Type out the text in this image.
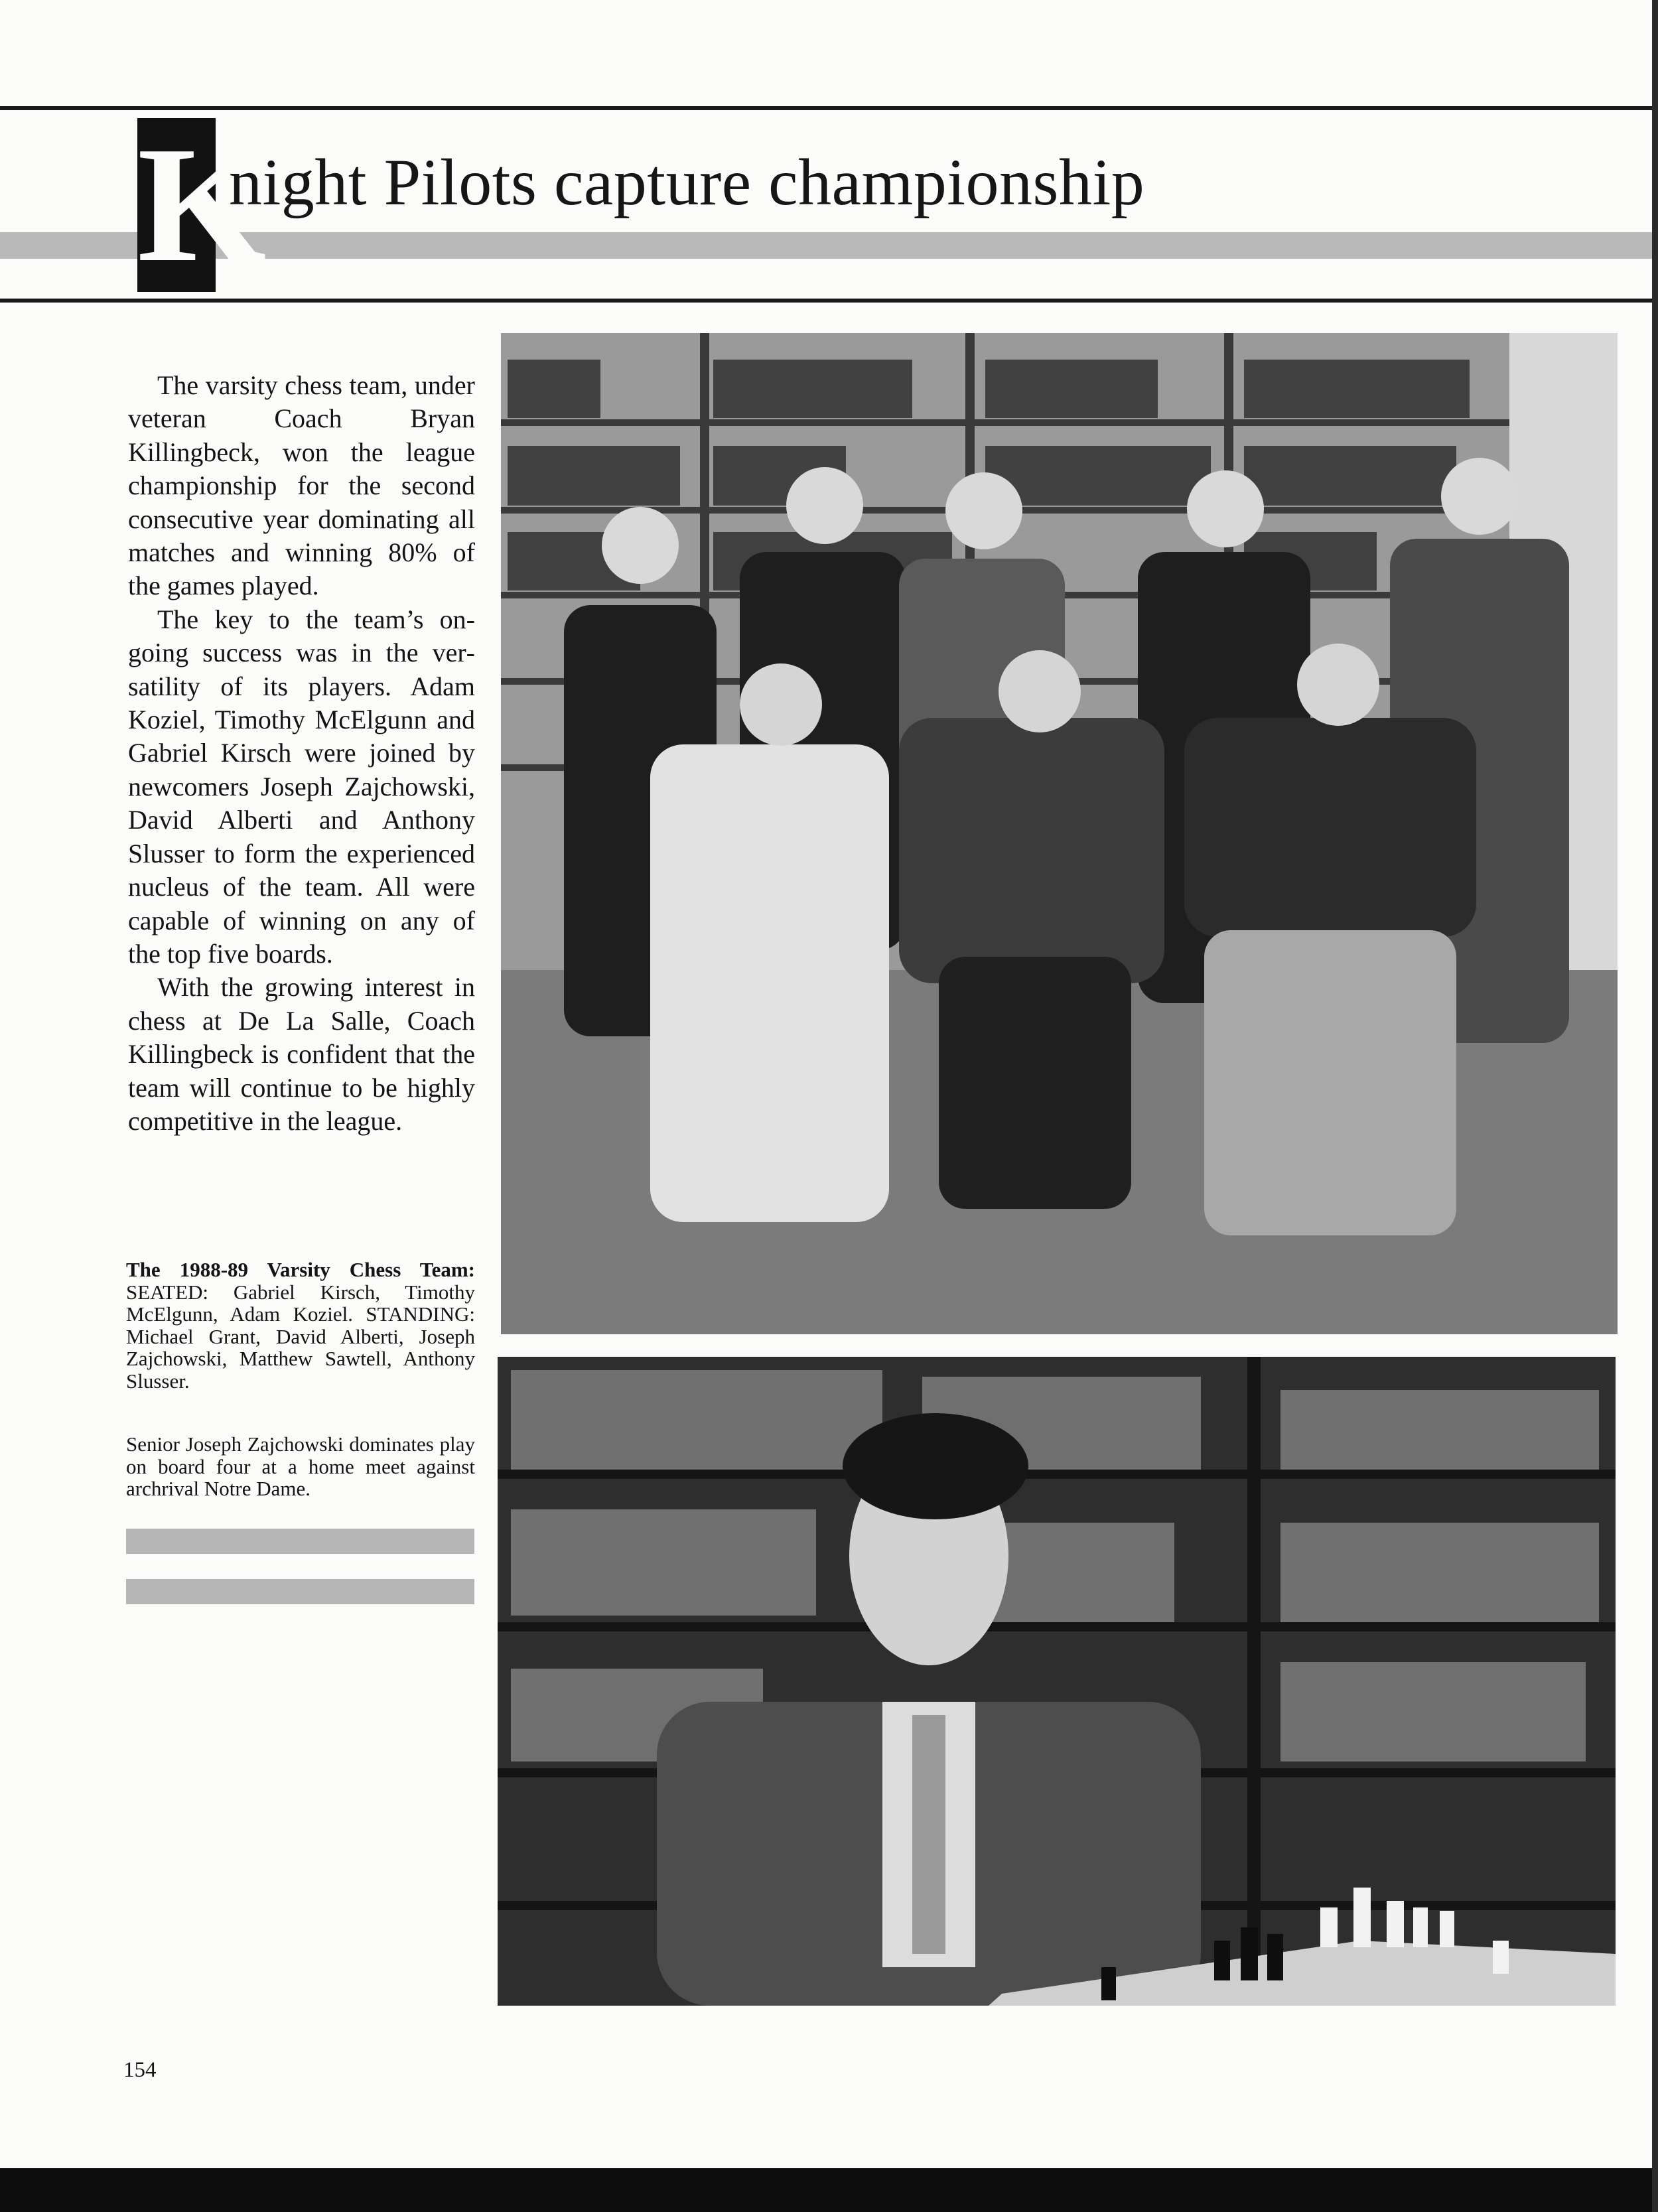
K
night Pilots capture championship

The varsity chess team, under veteran Coach Bryan Killingbeck, won the league championship for the second consecutive year dominating all matches and winning 80% of the games played.

The key to the team’s ongoing success was in the versatility of its players. Adam Koziel, Timothy McElgunn and Gabriel Kirsch were joined by newcomers Joseph Zajchowski, David Alberti and Anthony Slusser to form the experienced nucleus of the team. All were capable of winning on any of the top five boards.

With the growing interest in chess at De La Salle, Coach Killingbeck is confident that the team will continue to be highly competitive in the league.

The 1988-89 Varsity Chess Team: SEATED: Gabriel Kirsch, Timothy McElgunn, Adam Koziel. STANDING: Michael Grant, David Alberti, Joseph Zajchowski, Matthew Sawtell, Anthony Slusser.
Senior Joseph Zajchowski dominates play on board four at a home meet against archrival Notre Dame.
154
